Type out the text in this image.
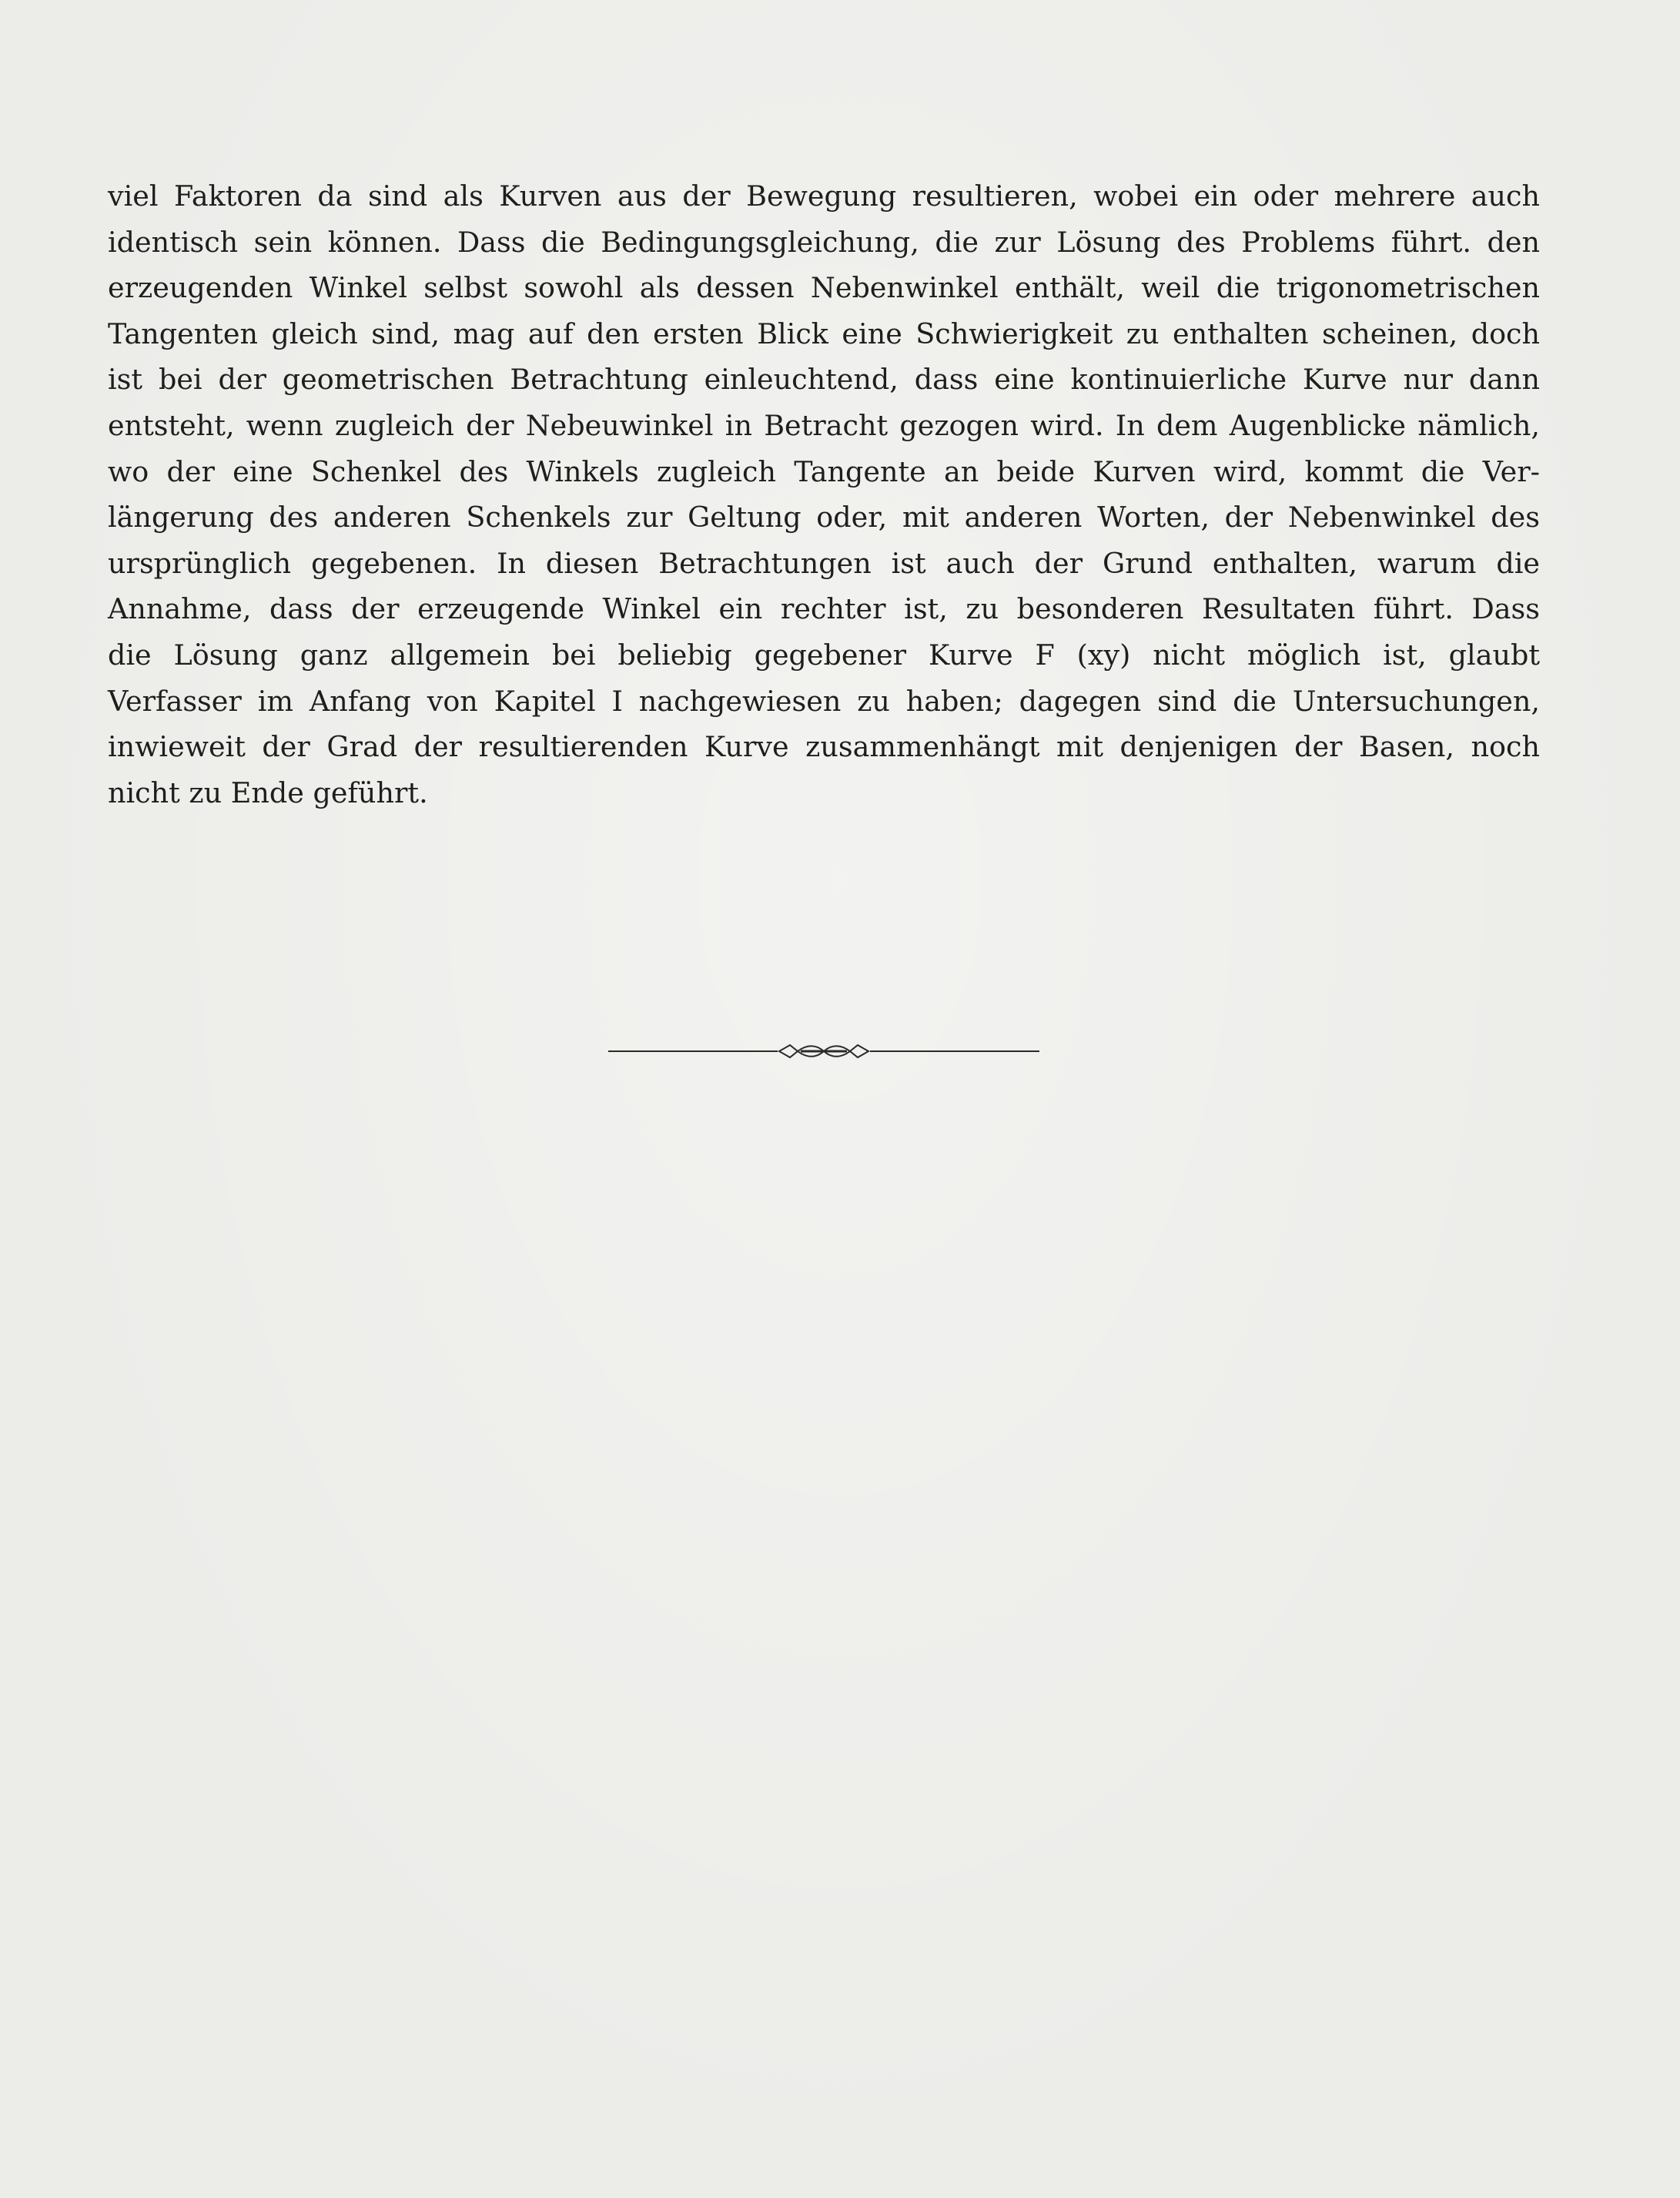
viel Faktoren da sind als Kurven aus der Bewegung resultieren, wobei ein oder mehrere auch
identisch sein können. Dass die Bedingungsgleichung, die zur Lösung des Problems führt. den
erzeugenden Winkel selbst sowohl als dessen Nebenwinkel enthält, weil die trigonometrischen
Tangenten gleich sind, mag auf den ersten Blick eine Schwierigkeit zu enthalten scheinen, doch
ist bei der geometrischen Betrachtung einleuchtend, dass eine kontinuierliche Kurve nur dann
entsteht, wenn zugleich der Nebeuwinkel in Betracht gezogen wird. In dem Augenblicke nämlich,
wo der eine Schenkel des Winkels zugleich Tangente an beide Kurven wird, kommt die Ver-
längerung des anderen Schenkels zur Geltung oder, mit anderen Worten, der Nebenwinkel des
ursprünglich gegebenen. In diesen Betrachtungen ist auch der Grund enthalten, warum die
Annahme, dass der erzeugende Winkel ein rechter ist, zu besonderen Resultaten führt. Dass
die Lösung ganz allgemein bei beliebig gegebener Kurve F (xy) nicht möglich ist, glaubt
Verfasser im Anfang von Kapitel I nachgewiesen zu haben; dagegen sind die Untersuchungen,
inwieweit der Grad der resultierenden Kurve zusammenhängt mit denjenigen der Basen, noch
nicht zu Ende geführt.
